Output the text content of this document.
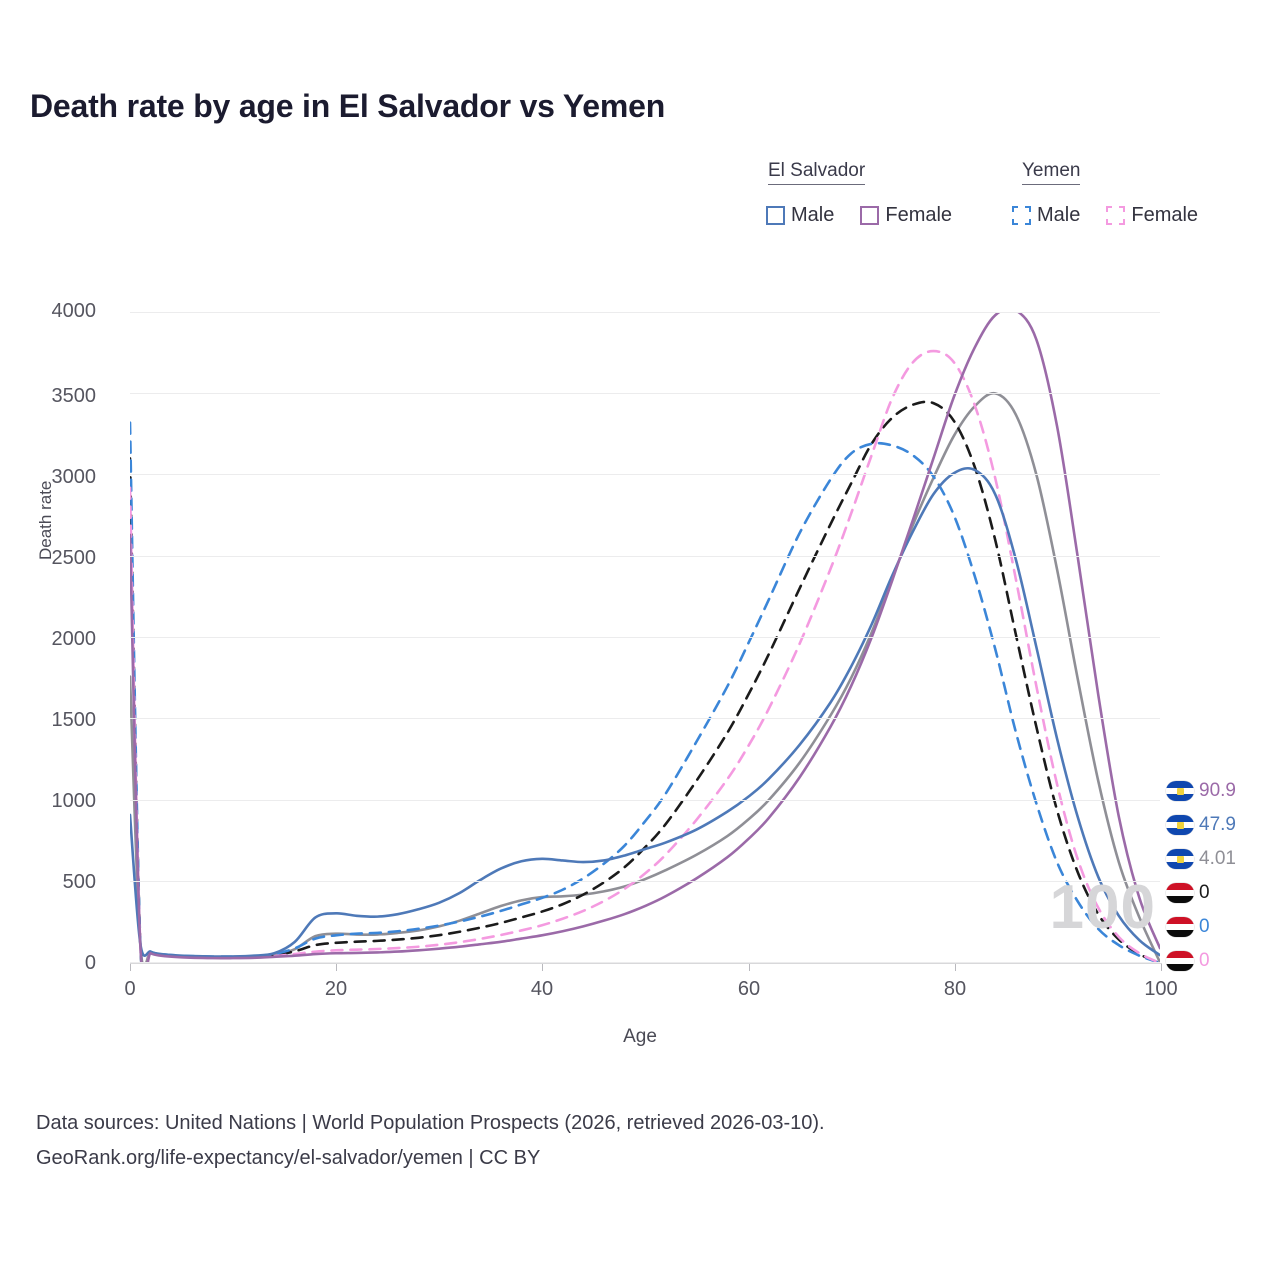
Death rate by age in El Salvador vs Yemen
El Salvador	Yemen
Male	Female	Male	Female
0
500
1000
1500
2000
2500
3000
3500
4000
0	20	40	60	80	100
Age
Death rate
100
90.9
47.9
4.01
0
0
0
Data sources: United Nations | World Population Prospects (2026, retrieved 2026-03-10).
GeoRank.org/life-expectancy/el-salvador/yemen | CC BY
